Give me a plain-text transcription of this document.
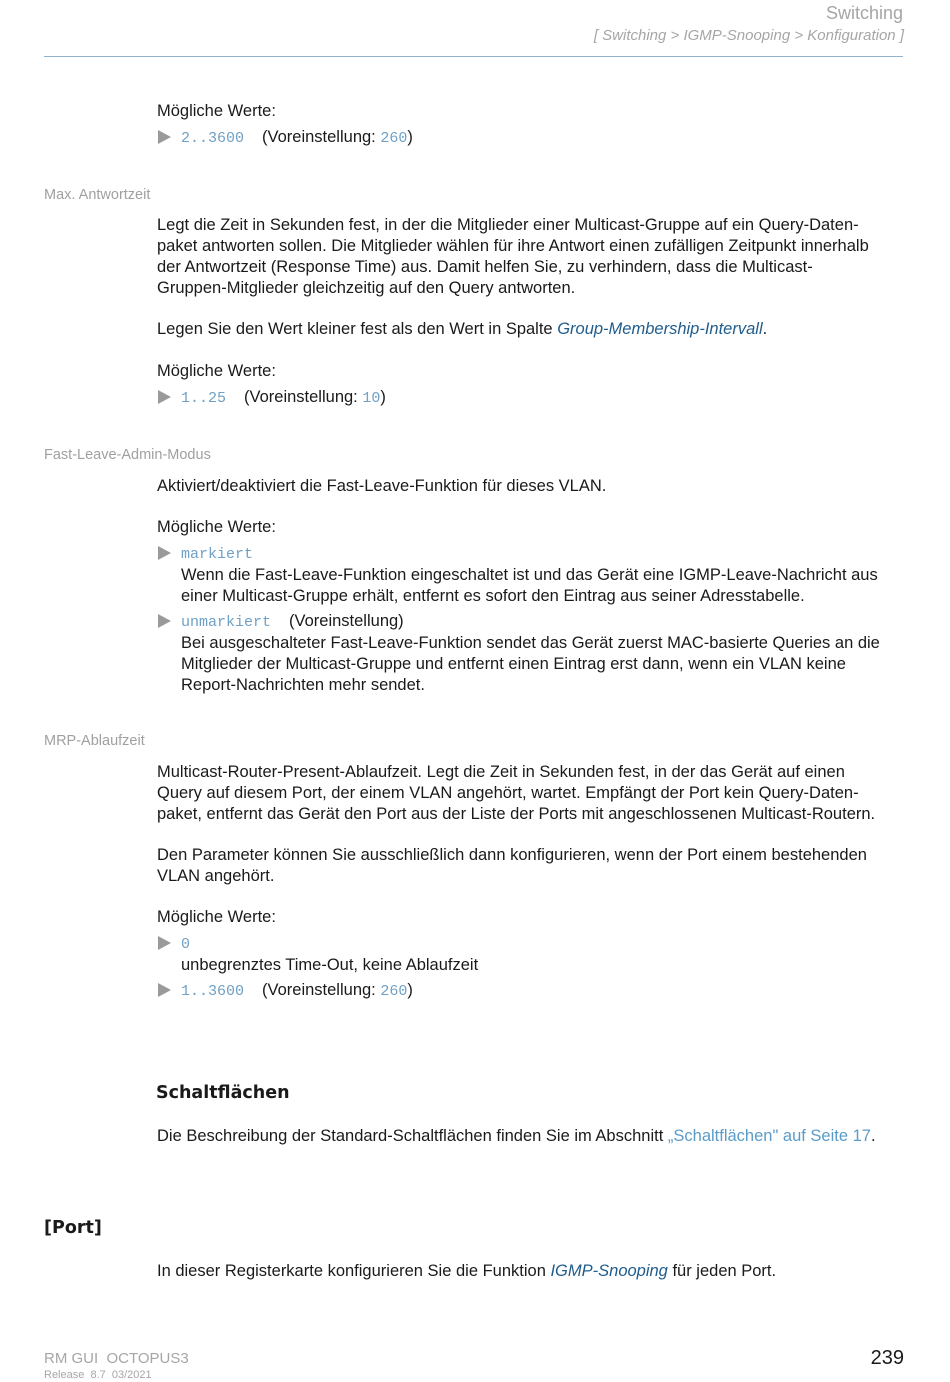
Switching
[ Switching > IGMP-Snooping > Konfiguration ]
Mögliche Werte:
2..3600 (Voreinstellung: 260)
Max. Antwortzeit
Legt die Zeit in Sekunden fest, in der die Mitglieder einer Multicast-Gruppe auf ein Query-Daten-
paket antworten sollen. Die Mitglieder wählen für ihre Antwort einen zufälligen Zeitpunkt innerhalb
der Antwortzeit (Response Time) aus. Damit helfen Sie, zu verhindern, dass die Multicast-
Gruppen-Mitglieder gleichzeitig auf den Query antworten.
Legen Sie den Wert kleiner fest als den Wert in Spalte Group-Membership-Intervall.
Mögliche Werte:
1..25 (Voreinstellung: 10)
Fast-Leave-Admin-Modus
Aktiviert/deaktiviert die Fast-Leave-Funktion für dieses VLAN.
Mögliche Werte:
markiert
Wenn die Fast-Leave-Funktion eingeschaltet ist und das Gerät eine IGMP-Leave-Nachricht aus
einer Multicast-Gruppe erhält, entfernt es sofort den Eintrag aus seiner Adresstabelle.
unmarkiert (Voreinstellung)
Bei ausgeschalteter Fast-Leave-Funktion sendet das Gerät zuerst MAC-basierte Queries an die
Mitglieder der Multicast-Gruppe und entfernt einen Eintrag erst dann, wenn ein VLAN keine
Report-Nachrichten mehr sendet.
MRP-Ablaufzeit
Multicast-Router-Present-Ablaufzeit. Legt die Zeit in Sekunden fest, in der das Gerät auf einen
Query auf diesem Port, der einem VLAN angehört, wartet. Empfängt der Port kein Query-Daten-
paket, entfernt das Gerät den Port aus der Liste der Ports mit angeschlossenen Multicast-Routern.
Den Parameter können Sie ausschließlich dann konfigurieren, wenn der Port einem bestehenden
VLAN angehört.
Mögliche Werte:
0
unbegrenztes Time-Out, keine Ablaufzeit
1..3600 (Voreinstellung: 260)
Schaltflächen
Die Beschreibung der Standard-Schaltflächen finden Sie im Abschnitt „Schaltflächen" auf Seite 17.
[Port]
In dieser Registerkarte konfigurieren Sie die Funktion IGMP-Snooping für jeden Port.
RM GUI  OCTOPUS3
Release  8.7  03/2021
239
